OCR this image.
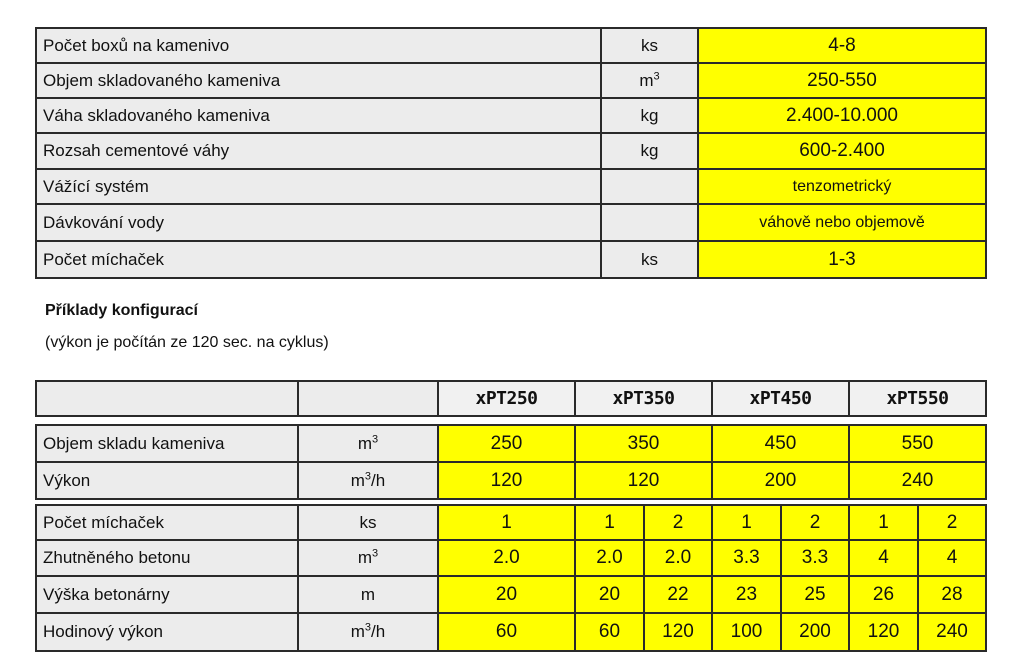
Počet boxů na kamenivo	ks	4-8
Objem skladovaného kameniva	$m^3$	250-550
Váha skladovaného kameniva	kg	2.400-10.000
Rozsah cementové váhy	kg	600-2.400
Vážící systém		tenzometrický
Dávkování vody		váhově nebo objemově
Počet míchaček	ks	1-3
Příklady konfigurací
(výkon je počítán ze 120 sec. na cyklus)
		xPT250	xPT350	xPT450	xPT550
Objem skladu kameniva	$m^3$	250	350	450	550
Výkon	$m^3/h$	120	120	200	240
Počet míchaček	ks	1	1	2	1	2	1	2
Zhutněného betonu	$m^3$	2.0	2.0	2.0	3.3	3.3	4	4
Výška betonárny	m	20	20	22	23	25	26	28
Hodinový výkon	$m^3/h$	60	60	120	100	200	120	240
